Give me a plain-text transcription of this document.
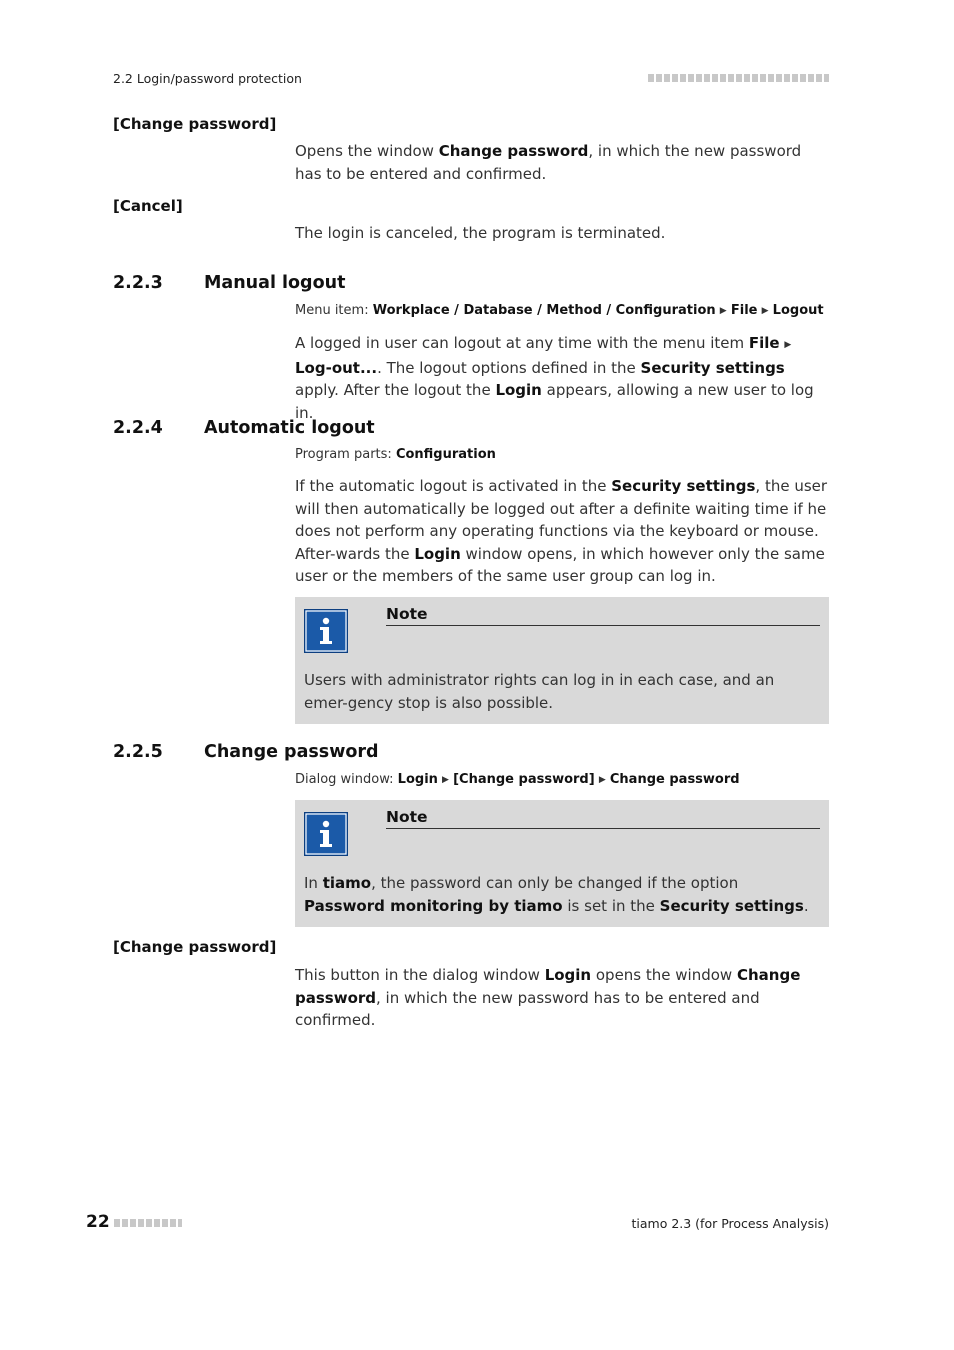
2.2 Login/password protection
[Change password]
Opens the window Change password, in which the new password has to be entered and confirmed.
[Cancel]
The login is canceled, the program is terminated.
2.2.3 Manual logout
Menu item: Workplace / Database / Method / Configuration ▶ File ▶ Logout
A logged in user can logout at any time with the menu item File ▶ Log-out.... The logout options defined in the Security settings apply. After the logout the Login appears, allowing a new user to log in.
2.2.4 Automatic logout
Program parts: Configuration
If the automatic logout is activated in the Security settings, the user will then automatically be logged out after a definite waiting time if he does not perform any operating functions via the keyboard or mouse. After-wards the Login window opens, in which however only the same user or the members of the same user group can log in.
Note
Users with administrator rights can log in in each case, and an emer-gency stop is also possible.
2.2.5 Change password
Dialog window: Login ▶ [Change password] ▶ Change password
Note
In tiamo, the password can only be changed if the option Password monitoring by tiamo is set in the Security settings.
[Change password]
This button in the dialog window Login opens the window Change password, in which the new password has to be entered and confirmed.
22	tiamo 2.3 (for Process Analysis)
